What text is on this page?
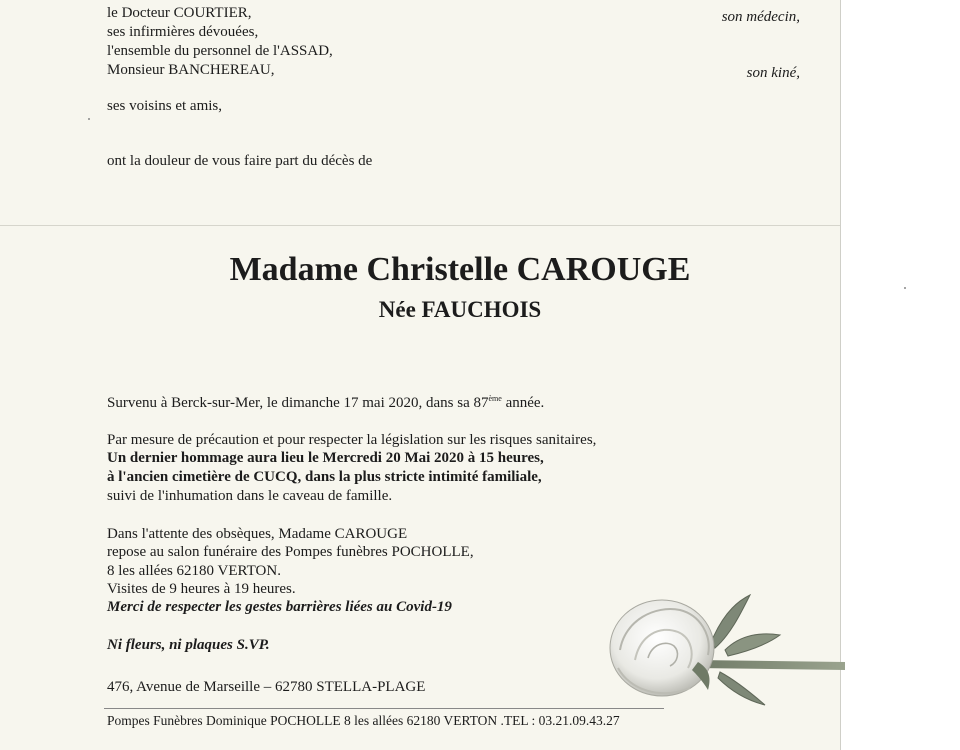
le Docteur COURTIER,	son médecin,
ses infirmières dévouées,
l'ensemble du personnel de l'ASSAD,
Monsieur BANCHEREAU,	son kiné,
ses voisins et amis,
ont la douleur de vous faire part du décès de
Madame Christelle CAROUGE
Née FAUCHOIS
Survenu à Berck-sur-Mer, le dimanche 17 mai 2020, dans sa 87ème année.
Par mesure de précaution et pour respecter la législation sur les risques sanitaires,
Un dernier hommage aura lieu le Mercredi 20 Mai 2020 à 15 heures,
à l'ancien cimetière de CUCQ, dans la plus stricte intimité familiale,
suivi de l'inhumation dans le caveau de famille.
Dans l'attente des obsèques, Madame CAROUGE
repose au salon funéraire des Pompes funèbres POCHOLLE,
8 les allées 62180 VERTON.
Visites de 9 heures à 19 heures.
Merci de respecter les gestes barrières liées au Covid-19
Ni fleurs, ni plaques S.VP.
476, Avenue de Marseille – 62780 STELLA-PLAGE
Pompes Funèbres Dominique POCHOLLE 8 les allées 62180 VERTON .TEL : 03.21.09.43.27
